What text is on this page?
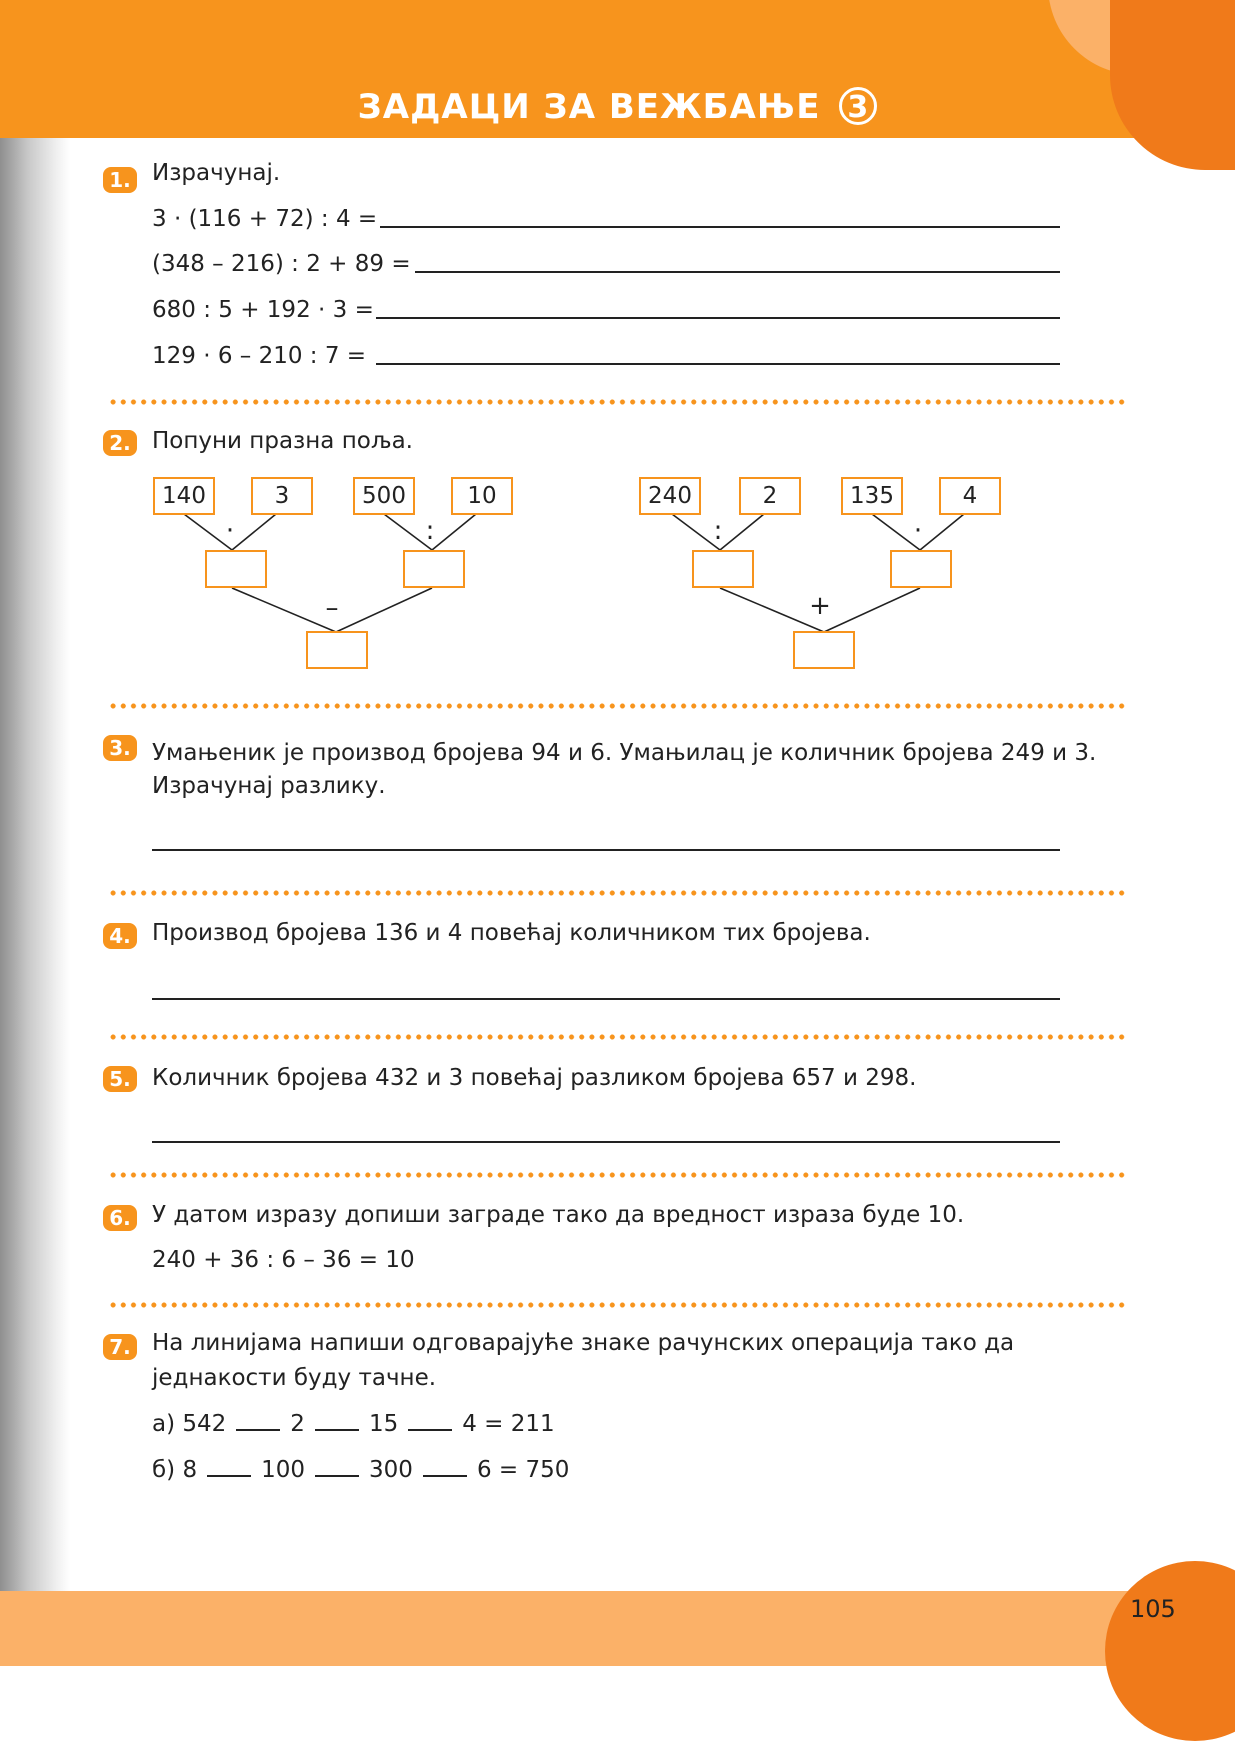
ЗАДАЦИ ЗА ВЕЖБАЊЕ 3
1. Израчунај.
3 · (116 + 72) : 4 =
(348 – 216) : 2 + 89 =
680 : 5 + 192 · 3 =
129 · 6 – 210 : 7 =
2. Попуни празна поља.
140	3	500	10
·	:
–
240	2	135	4
:	·
+
3. Умањеник је производ бројева 94 и 6. Умањилац је количник бројева 249 и 3.
Израчунај разлику.
4. Производ бројева 136 и 4 повећај количником тих бројева.
5. Количник бројева 432 и 3 повећај разликом бројева 657 и 298.
6. У датом изразу допиши заграде тако да вредност израза буде 10.
240 + 36 : 6 – 36 = 10
7. На линијама напиши одговарајуће знаке рачунских операција тако да
једнакости буду тачне.
а) 542	2	15	4 = 211
б) 8	100	300	6 = 750
105
